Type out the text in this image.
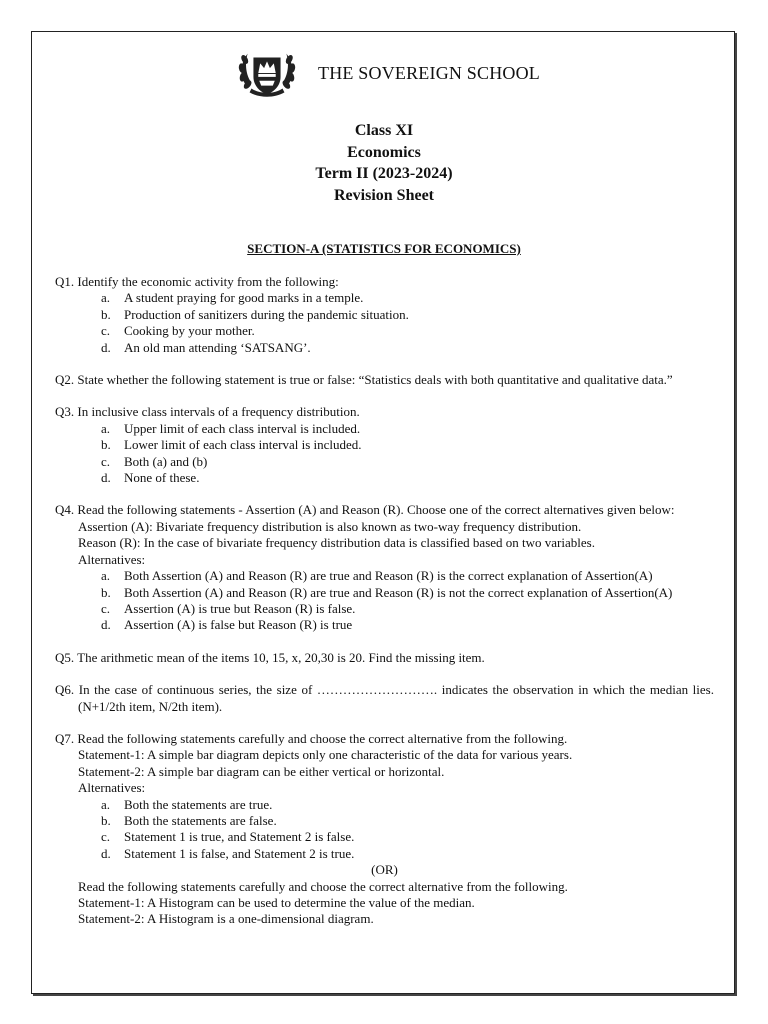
THE SOVEREIGN SCHOOL
Class XI
Economics
Term II (2023-2024)
Revision Sheet
SECTION-A (STATISTICS FOR ECONOMICS)
Q1. Identify the economic activity from the following:
a.	A student praying for good marks in a temple.
b.	Production of sanitizers during the pandemic situation.
c.	Cooking by your mother.
d.	An old man attending ‘SATSANG’.
Q2. State whether the following statement is true or false: “Statistics deals with both quantitative and qualitative data.”
Q3. In inclusive class intervals of a frequency distribution.
a.	Upper limit of each class interval is included.
b.	Lower limit of each class interval is included.
c.	Both (a) and (b)
d.	None of these.
Q4. Read the following statements - Assertion (A) and Reason (R). Choose one of the correct alternatives given below:
Assertion (A): Bivariate frequency distribution is also known as two-way frequency distribution.
Reason (R): In the case of bivariate frequency distribution data is classified based on two variables.
Alternatives:
a.	Both Assertion (A) and Reason (R) are true and Reason (R) is the correct explanation of Assertion(A)
b.	Both Assertion (A) and Reason (R) are true and Reason (R) is not the correct explanation of Assertion(A)
c.	Assertion (A) is true but Reason (R) is false.
d.	Assertion (A) is false but Reason (R) is true
Q5. The arithmetic mean of the items 10, 15, x, 20,30 is 20. Find the missing item.
Q6. In the case of continuous series, the size of ………………………. indicates the observation in which the median lies. (N+1/2th item, N/2th item).
Q7. Read the following statements carefully and choose the correct alternative from the following.
Statement-1: A simple bar diagram depicts only one characteristic of the data for various years.
Statement-2: A simple bar diagram can be either vertical or horizontal.
Alternatives:
a.	Both the statements are true.
b.	Both the statements are false.
c.	Statement 1 is true, and Statement 2 is false.
d.	Statement 1 is false, and Statement 2 is true.
(OR)
Read the following statements carefully and choose the correct alternative from the following.
Statement-1: A Histogram can be used to determine the value of the median.
Statement-2: A Histogram is a one-dimensional diagram.
